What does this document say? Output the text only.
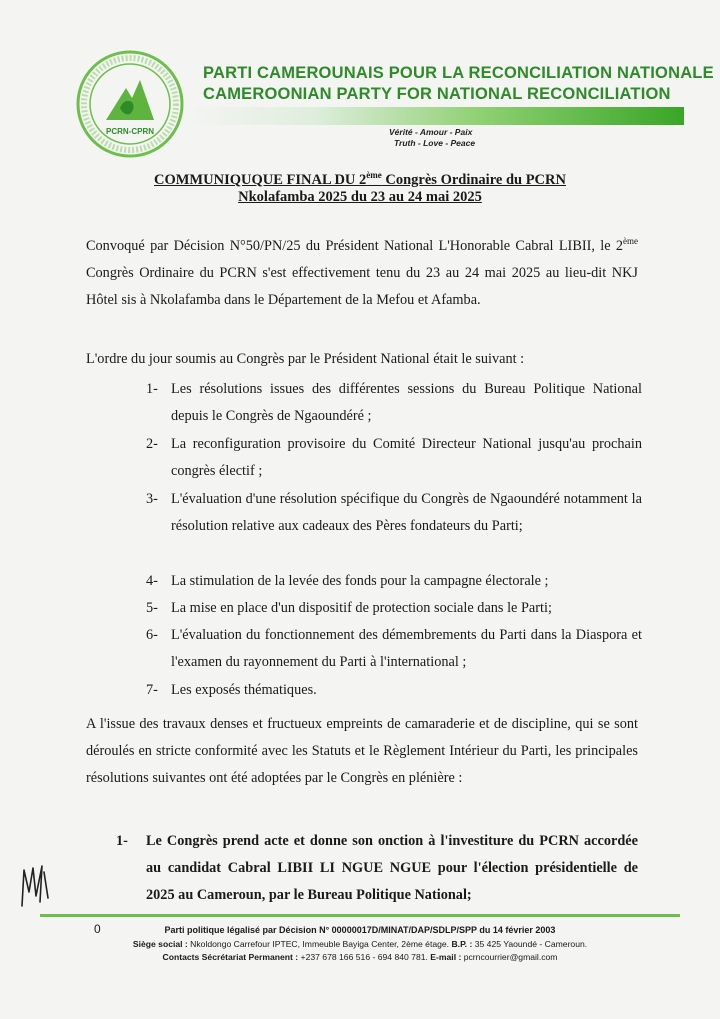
PCRN-CPRN
PARTI CAMEROUNAIS POUR LA RECONCILIATION NATIONALE
CAMEROONIAN PARTY FOR NATIONAL RECONCILIATION
Vérité - Amour - Paix
Truth - Love - Peace
COMMUNIQUQUE FINAL DU 2ème Congrès Ordinaire du PCRN
Nkolafamba 2025 du 23 au 24 mai 2025

Convoqué par Décision N°50/PN/25 du Président National L'Honorable Cabral LIBII, le 2ème Congrès Ordinaire du PCRN s'est effectivement tenu du 23 au 24 mai 2025 au lieu-dit NKJ Hôtel sis à Nkolafamba dans le Département de la Mefou et Afamba.

L'ordre du jour soumis au Congrès par le Président National était le suivant :

1- Les résolutions issues des différentes sessions du Bureau Politique National depuis le Congrès de Ngaoundéré ;
2- La reconfiguration provisoire du Comité Directeur National jusqu'au prochain congrès électif ;
3- L'évaluation d'une résolution spécifique du Congrès de Ngaoundéré notamment la résolution relative aux cadeaux des Pères fondateurs du Parti;
4- La stimulation de la levée des fonds pour la campagne électorale ;
5- La mise en place d'un dispositif de protection sociale dans le Parti;
6- L'évaluation du fonctionnement des démembrements du Parti dans la Diaspora et l'examen du rayonnement du Parti à l'international ;
7- Les exposés thématiques.

A l'issue des travaux denses et fructueux empreints de camaraderie et de discipline, qui se sont déroulés en stricte conformité avec les Statuts et le Règlement Intérieur du Parti, les principales résolutions suivantes ont été adoptées par le Congrès en plénière :

1- Le Congrès prend acte et donne son onction à l'investiture du PCRN accordée au candidat Cabral LIBII LI NGUE NGUE pour l'élection présidentielle de 2025 au Cameroun, par le Bureau Politique National;
0	Parti politique légalisé par Décision N° 00000017D/MINAT/DAP/SDLP/SPP du 14 février 2003
Siège social : Nkoldongo Carrefour IPTEC, Immeuble Bayiga Center, 2ème étage. B.P. : 35 425 Yaoundé - Cameroun.
Contacts Sécrétariat Permanent : +237 678 166 516 - 694 840 781. E-mail : pcrncourrier@gmail.com
